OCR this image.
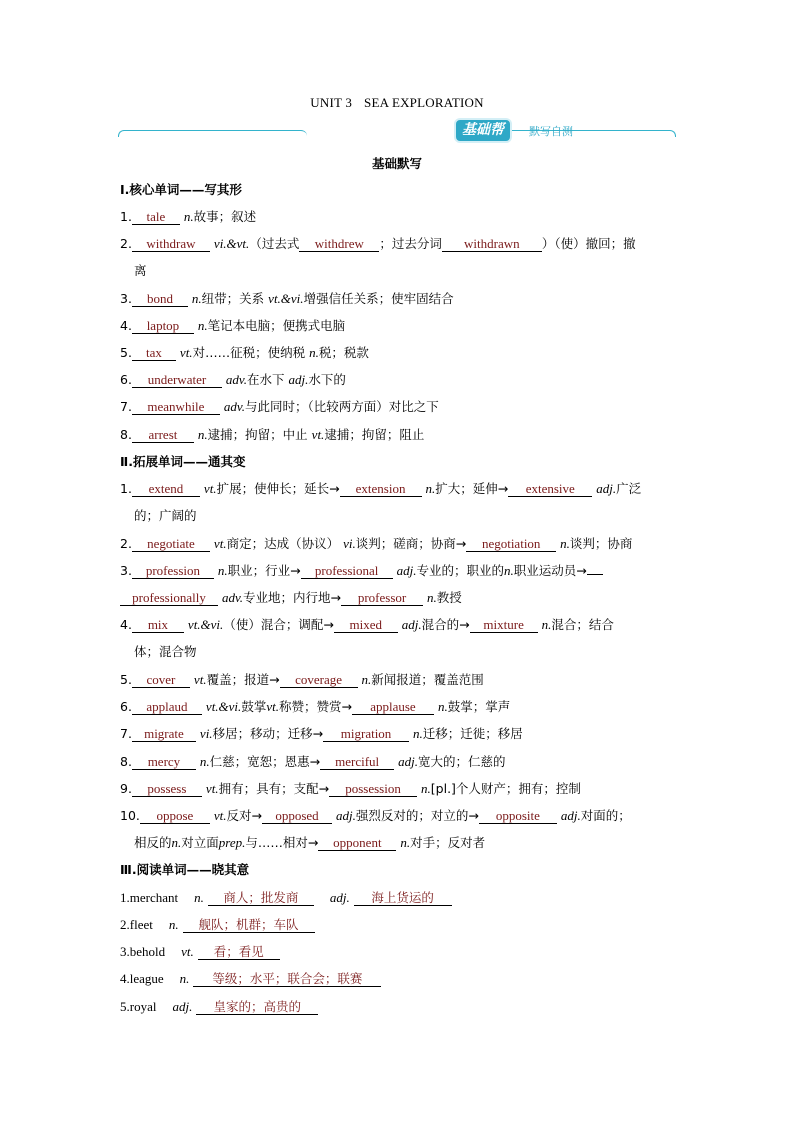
UNIT 3 SEA EXPLORATION
基础帮	默写自测
基础默写
Ⅰ.核心单词——写其形
1. tale n.故事；叙述
2. withdraw vi.&vt.（过去式 withdrew ；过去分词 withdrawn ）（使）撤回；撤
离
3. bond n.纽带；关系 vt.&vi.增强信任关系；使牢固结合
4. laptop n.笔记本电脑；便携式电脑
5. tax vt.对……征税；使纳税 n.税；税款
6. underwater adv.在水下 adj.水下的
7. meanwhile adv.与此同时；（比较两方面）对比之下
8. arrest n.逮捕；拘留；中止 vt.逮捕；拘留；阻止
Ⅱ.拓展单词——通其变
1. extend vt.扩展；使伸长；延长→ extension n.扩大；延伸→ extensive adj.广泛
的；广阔的
2. negotiate vt.商定；达成（协议） vi.谈判；磋商；协商→ negotiation n.谈判；协商
3. profession n.职业；行业→ professional adj.专业的；职业的n.职业运动员→
professionally adv.专业地；内行地→ professor n.教授
4. mix vt.&vi.（使）混合；调配→ mixed adj.混合的→ mixture n.混合；结合
体；混合物
5. cover vt.覆盖；报道→ coverage n.新闻报道；覆盖范围
6. applaud vt.&vi.鼓掌vt.称赞；赞赏→ applause n.鼓掌；掌声
7. migrate vi.移居；移动；迁移→ migration n.迁移；迁徙；移居
8. mercy n.仁慈；宽恕；恩惠→ merciful adj.宽大的；仁慈的
9. possess vt.拥有；具有；支配→ possession n.[pl.]个人财产；拥有；控制
10. oppose vt.反对→ opposed adj.强烈反对的；对立的→ opposite adj.对面的；
相反的n.对立面prep.与……相对→ opponent n.对手；反对者
Ⅲ.阅读单词——晓其意
1.merchant n. 商人；批发商 adj. 海上货运的
2.fleet n. 舰队；机群；车队
3.behold vt. 看；看见
4.league n. 等级；水平；联合会；联赛
5.royal adj. 皇家的；高贵的
